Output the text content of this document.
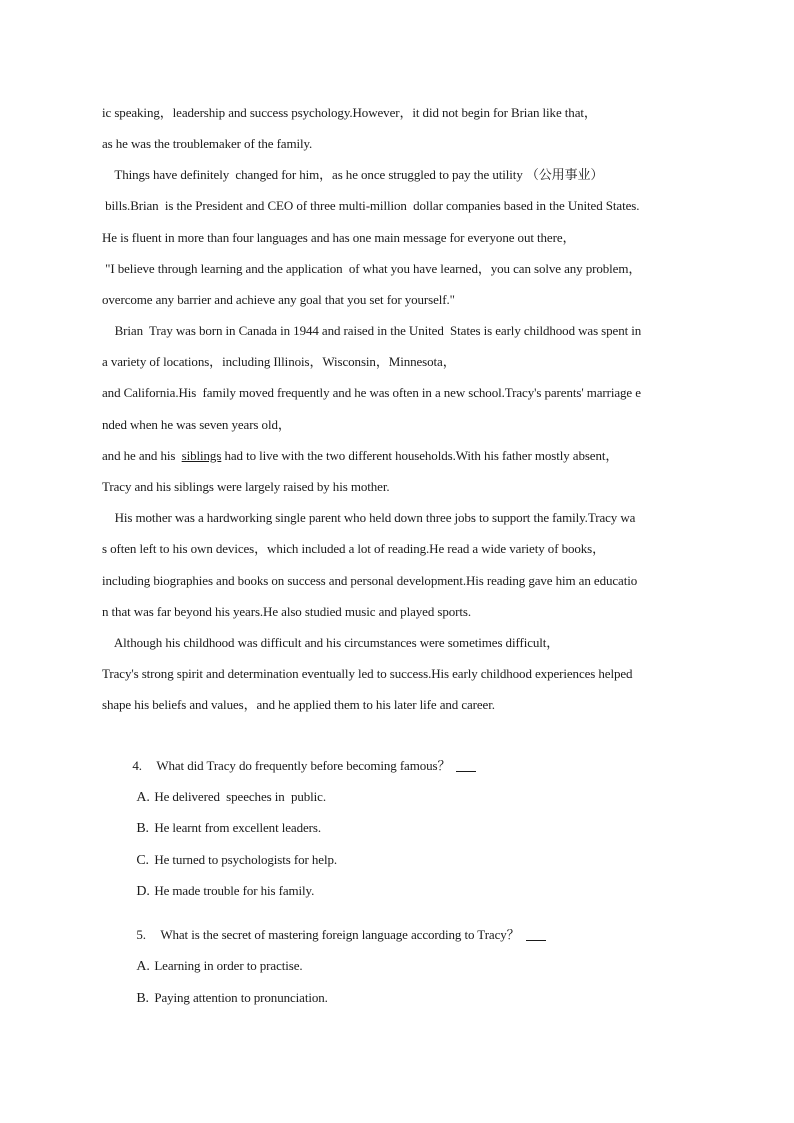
ic speaking，leadership and success psychology.However，it did not begin for Brian like that，
as he was the troublemaker of the family.
Things have definitely  changed for him，as he once struggled to pay the utility （公用事业）
bills.Brian  is the President and CEO of three multi-million  dollar companies based in the United States.
He is fluent in more than four languages and has one main message for everyone out there，
"I believe through learning and the application  of what you have learned，you can solve any problem，
overcome any barrier and achieve any goal that you set for yourself."
Brian  Tray was born in Canada in 1944 and raised in the United  States is early childhood was spent in
a variety of locations，including Illinois，Wisconsin，Minnesota，
and California.His  family moved frequently and he was often in a new school.Tracy's parents' marriage e
nded when he was seven years old，
and he and his  siblings had to live with the two different households.With his father mostly absent，
Tracy and his siblings were largely raised by his mother.
His mother was a hardworking single parent who held down three jobs to support the family.Tracy wa
s often left to his own devices，which included a lot of reading.He read a wide variety of books，
including biographies and books on success and personal development.His reading gave him an educatio
n that was far beyond his years.He also studied music and played sports.
Although his childhood was difficult and his circumstances were sometimes difficult，
Tracy's strong spirit and determination eventually led to success.His early childhood experiences helped
shape his beliefs and values，and he applied them to his later life and career.

4. What did Tracy do frequently before becoming famous？

A. He delivered  speeches in  public.

B. He learnt from excellent leaders.

C. He turned to psychologists for help.

D. He made trouble for his family.

5. What is the secret of mastering foreign language according to Tracy？

A. Learning in order to practise.

B. Paying attention to pronunciation.
